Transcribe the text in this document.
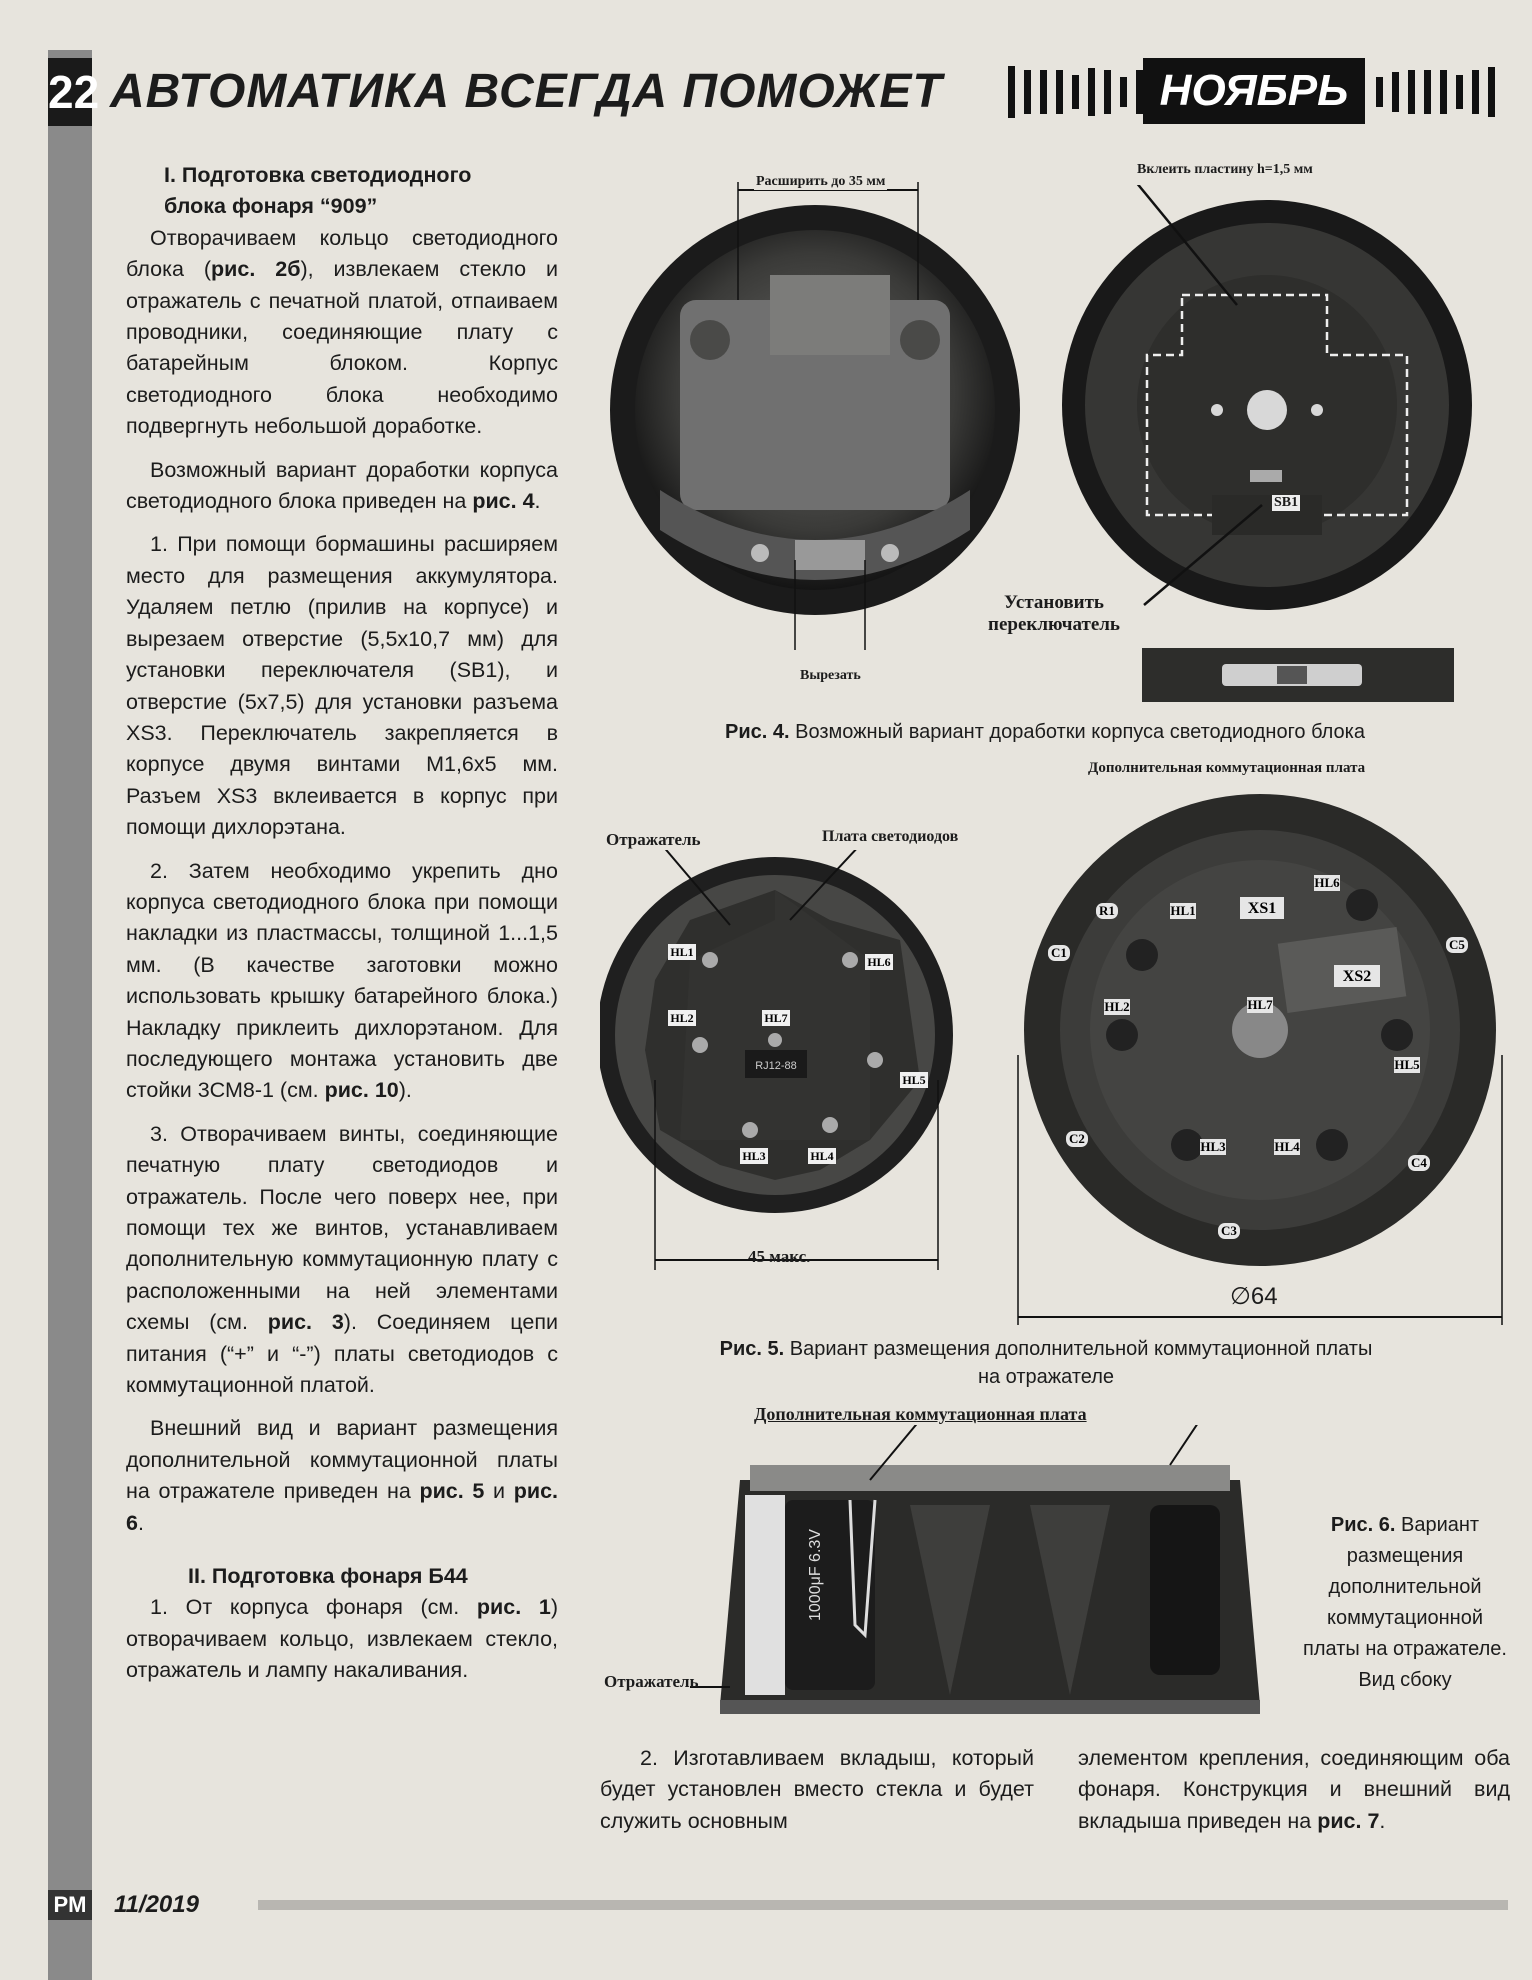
22 АВТОМАТИКА ВСЕГДА ПОМОЖЕТ	НОЯБРЬ

I. Подготовка светодиодного
блока фонаря “909”

Отворачиваем кольцо светодиодного блока (рис. 2б), извлекаем стекло и отражатель с печатной платой, отпаиваем проводники, соединяющие плату с батарейным блоком. Корпус светодиодного блока необходимо подвергнуть небольшой доработке.

Возможный вариант доработки корпуса светодиодного блока приведен на рис. 4.

1. При помощи бормашины расширяем место для размещения аккумулятора. Удаляем петлю (прилив на корпусе) и вырезаем отверстие (5,5х10,7 мм) для установки переключателя (SB1), и отверстие (5х7,5) для установки разъема XS3. Переключатель закрепляется в корпусе двумя винтами М1,6х5 мм. Разъем XS3 вклеивается в корпус при помощи дихлорэтана.

2. Затем необходимо укрепить дно корпуса светодиодного блока при помощи накладки из пластмассы, толщиной 1...1,5 мм. (В качестве заготовки можно использовать крышку батарейного блока.) Накладку приклеить дихлорэтаном. Для последующего монтажа установить две стойки 3СМ8-1 (см. рис. 10).

3. Отворачиваем винты, соединяющие печатную плату светодиодов и отражатель. После чего поверх нее, при помощи тех же винтов, устанавливаем дополнительную коммутационную плату с расположенными на ней элементами схемы (см. рис. 3). Соединяем цепи питания (“+” и “-”) платы светодиодов с коммутационной платой.

Внешний вид и вариант размещения дополнительной коммутационной платы на отражателе приведен на рис. 5 и рис. 6.

II. Подготовка фонаря Б44

1. От корпуса фонаря (см. рис. 1) отворачиваем кольцо, извлекаем стекло, отражатель и лампу накаливания.

Расширить до 35 мм
Вырезать
Вклеить пластину h=1,5 мм
SB1
Установить
переключатель
Рис. 4. Возможный вариант доработки корпуса светодиодного блока
Дополнительная коммутационная плата
Отражатель	Плата светодиодов
RJ12-88
HL1
HL6
HL2	HL7
HL5
HL3	HL4
45 макс.
R1	HL1	XS1
HL6
C1
C5
XS2
HL2	HL7
HL5
C2
HL3	HL4
C4
C3
∅64
Рис. 5. Вариант размещения дополнительной коммутационной платы
на отражателе
Дополнительная коммутационная плата
1000μF 6.3V
Отражатель
Рис. 6. Вариант размещения дополнительной коммутационной платы на отражателе. Вид сбоку
2. Изготавливаем вкладыш, который будет установлен вместо стекла и будет служить основным
элементом крепления, соединяющим оба фонаря. Конструкция и внешний вид вкладыша приведен на рис. 7.
PM 11/2019
